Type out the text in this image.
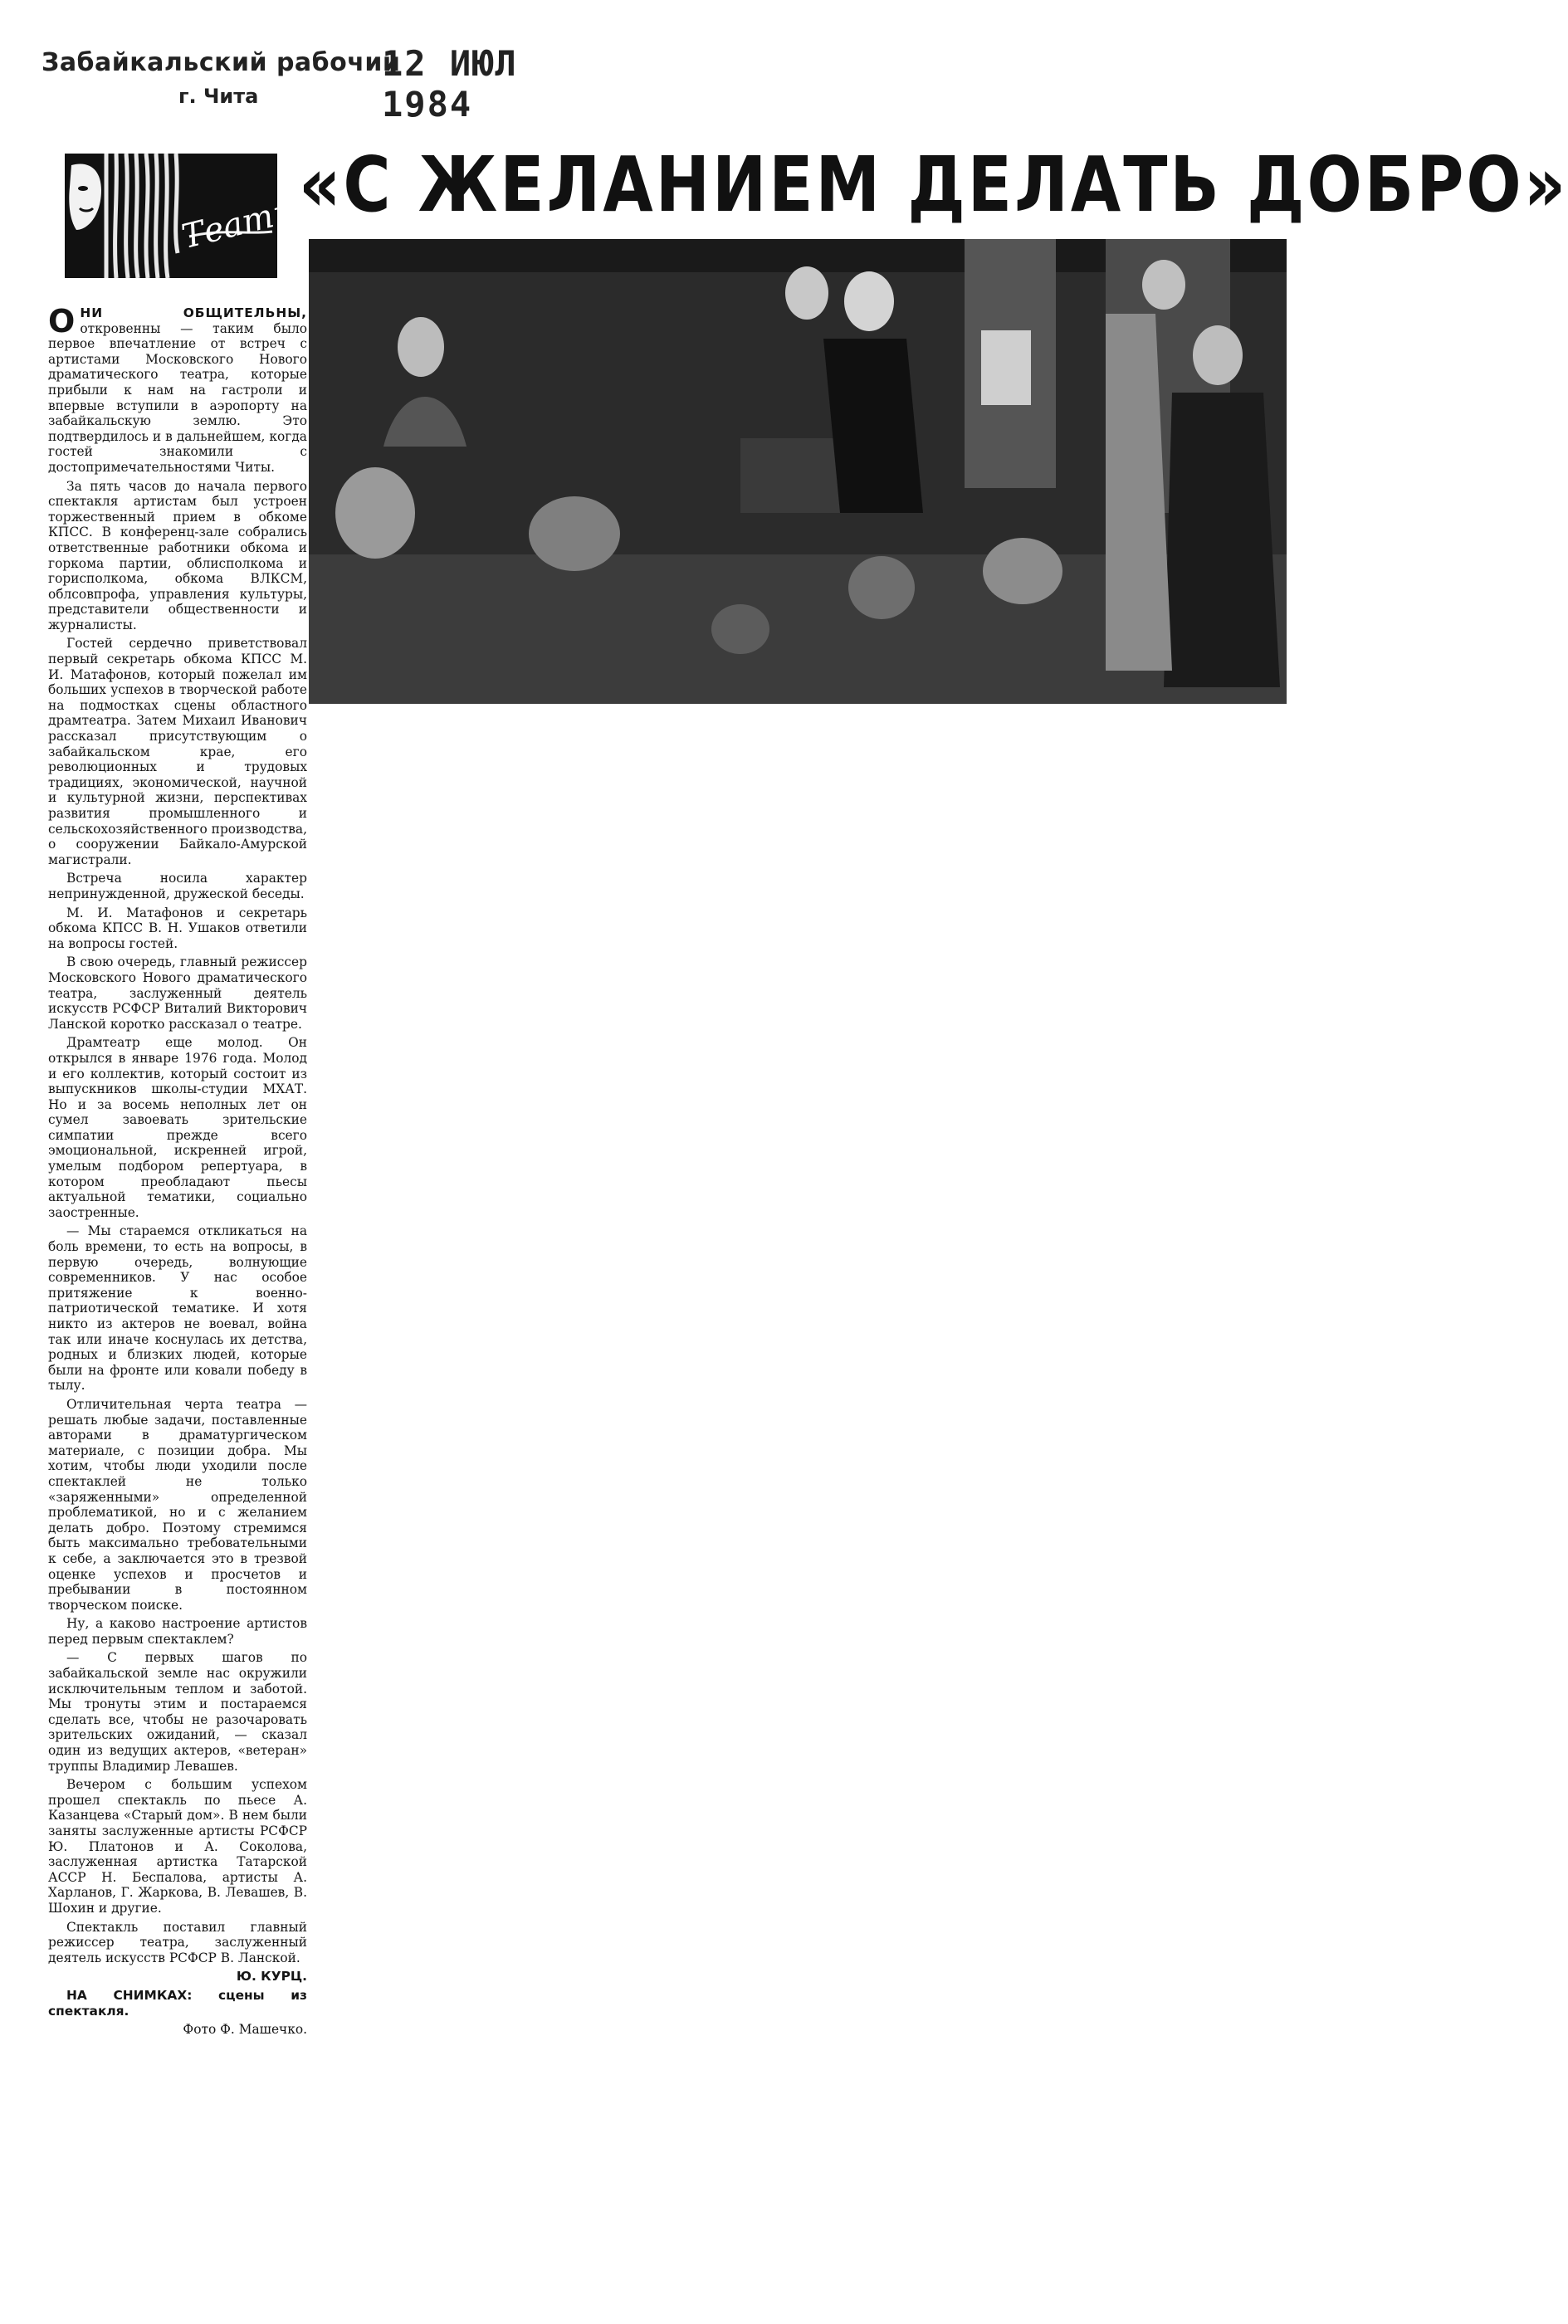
Забайкальский рабочий
12 ИЮЛ 1984
г. Чита
Театр «С ЖЕЛАНИЕМ ДЕЛАТЬ ДОБРО»

О НИ ОБЩИТЕЛЬНЫ, откровенны — таким было первое впечатление от встреч с артистами Московского Нового драматического театра, которые прибыли к нам на гастроли и впервые вступили в аэропорту на забайкальскую землю. Это подтвердилось и в дальнейшем, когда гостей знакомили с достопримечательностями Читы.

За пять часов до начала первого спектакля артистам был устроен торжественный прием в обкоме КПСС. В конференц-зале собрались ответственные работники обкома и горкома партии, облисполкома и горисполкома, обкома ВЛКСМ, облсовпрофа, управления культуры, представители общественности и журналисты.

Гостей сердечно приветствовал первый секретарь обкома КПСС М. И. Матафонов, который пожелал им больших успехов в творческой работе на подмостках сцены областного драмтеатра. Затем Михаил Иванович рассказал присутствующим о забайкальском крае, его революционных и трудовых традициях, экономической, научной и культурной жизни, перспективах развития промышленного и сельскохозяйственного производства, о сооружении Байкало-Амурской магистрали.

Встреча носила характер непринужденной, дружеской беседы.

М. И. Матафонов и секретарь обкома КПСС В. Н. Ушаков ответили на вопросы гостей.

В свою очередь, главный режиссер Московского Нового драматического театра, заслуженный деятель искусств РСФСР Виталий Викторович Ланской коротко рассказал о театре.

Драмтеатр еще молод. Он открылся в январе 1976 года. Молод и его коллектив, который состоит из выпускников школы-студии МХАТ. Но и за восемь неполных лет он сумел завоевать зрительские симпатии прежде всего эмоциональной, искренней игрой, умелым подбором репертуара, в котором преобладают пьесы актуальной тематики, социально заостренные.

— Мы стараемся откликаться на боль времени, то есть на вопросы, в первую очередь, волнующие современников. У нас особое притяжение к военно-патриотической тематике. И хотя никто из актеров не воевал, война так или иначе коснулась их детства, родных и близких людей, которые были на фронте или ковали победу в тылу.

Отличительная черта театра — решать любые задачи, поставленные авторами в драматургическом материале, с позиции добра. Мы хотим, чтобы люди уходили после спектаклей не только «заряженными» определенной проблематикой, но и с желанием делать добро. Поэтому стремимся быть максимально требовательными к себе, а заключается это в трезвой оценке успехов и просчетов и пребывании в постоянном творческом поиске.

Ну, а каково настроение артистов перед первым спектаклем?

— С первых шагов по забайкальской земле нас окружили исключительным теплом и заботой. Мы тронуты этим и постараемся сделать все, чтобы не разочаровать зрительских ожиданий, — сказал один из ведущих актеров, «ветеран» труппы Владимир Левашев.

Вечером с большим успехом прошел спектакль по пьесе А. Казанцева «Старый дом». В нем были заняты заслуженные артисты РСФСР Ю. Платонов и А. Соколова, заслуженная артистка Татарской АССР Н. Беспалова, артисты А. Харланов, Г. Жаркова, В. Левашев, В. Шохин и другие.

Спектакль поставил главный режиссер театра, заслуженный деятель искусств РСФСР В. Ланской.

Ю. КУРЦ.

НА СНИМКАХ: сцены из спектакля.

Фото Ф. Машечко.
